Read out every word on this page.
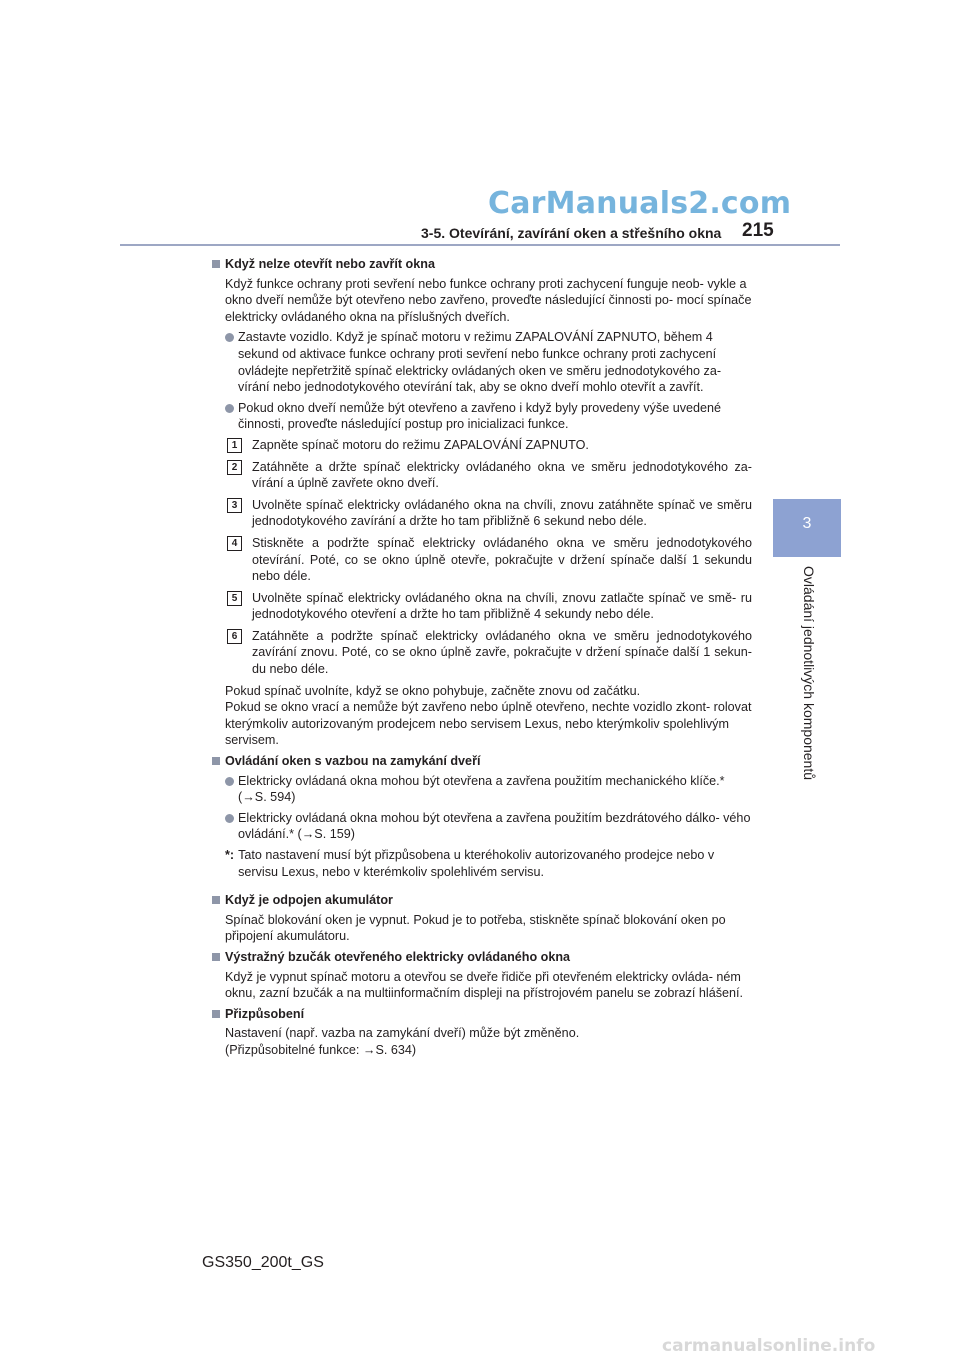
CarManuals2.com
3-5. Otevírání, zavírání oken a střešního okna 215
3
Ovládání jednotlivých komponentů
Když nelze otevřít nebo zavřít okna
Když funkce ochrany proti sevření nebo funkce ochrany proti zachycení funguje neob- vykle a okno dveří nemůže být otevřeno nebo zavřeno, proveďte následující činnosti po- mocí spínače elektricky ovládaného okna na příslušných dveřích.
Zastavte vozidlo. Když je spínač motoru v režimu ZAPALOVÁNÍ ZAPNUTO, během 4 sekund od aktivace funkce ochrany proti sevření nebo funkce ochrany proti zachycení ovládejte nepřetržitě spínač elektricky ovládaných oken ve směru jednodotykového za- vírání nebo jednodotykového otevírání tak, aby se okno dveří mohlo otevřít a zavřít.
Pokud okno dveří nemůže být otevřeno a zavřeno i když byly provedeny výše uvedené činnosti, proveďte následující postup pro inicializaci funkce.
1	Zapněte spínač motoru do režimu ZAPALOVÁNÍ ZAPNUTO.
2	Zatáhněte a držte spínač elektricky ovládaného okna ve směru jednodotykového za- vírání a úplně zavřete okno dveří.
3	Uvolněte spínač elektricky ovládaného okna na chvíli, znovu zatáhněte spínač ve směru jednodotykového zavírání a držte ho tam přibližně 6 sekund nebo déle.
4	Stiskněte a podržte spínač elektricky ovládaného okna ve směru jednodotykového otevírání. Poté, co se okno úplně otevře, pokračujte v držení spínače další 1 sekundu nebo déle.
5	Uvolněte spínač elektricky ovládaného okna na chvíli, znovu zatlačte spínač ve smě- ru jednodotykového otevření a držte ho tam přibližně 4 sekundy nebo déle.
6	Zatáhněte a podržte spínač elektricky ovládaného okna ve směru jednodotykového zavírání znovu. Poté, co se okno úplně zavře, pokračujte v držení spínače další 1 sekun- du nebo déle.
Pokud spínač uvolníte, když se okno pohybuje, začněte znovu od začátku.
Pokud se okno vrací a nemůže být zavřeno nebo úplně otevřeno, nechte vozidlo zkont- rolovat kterýmkoliv autorizovaným prodejcem nebo servisem Lexus, nebo kterýmkoliv spolehlivým servisem.
Ovládání oken s vazbou na zamykání dveří
Elektricky ovládaná okna mohou být otevřena a zavřena použitím mechanického klíče.* (→S. 594)
Elektricky ovládaná okna mohou být otevřena a zavřena použitím bezdrátového dálko- vého ovládání.* (→S. 159)
*: Tato nastavení musí být přizpůsobena u kteréhokoliv autorizovaného prodejce nebo v servisu Lexus, nebo v kterémkoliv spolehlivém servisu.
Když je odpojen akumulátor
Spínač blokování oken je vypnut. Pokud je to potřeba, stiskněte spínač blokování oken po připojení akumulátoru.
Výstražný bzučák otevřeného elektricky ovládaného okna
Když je vypnut spínač motoru a otevřou se dveře řidiče při otevřeném elektricky ovláda- ném oknu, zazní bzučák a na multiinformačním displeji na přístrojovém panelu se zobrazí hlášení.
Přizpůsobení
Nastavení (např. vazba na zamykání dveří) může být změněno.
(Přizpůsobitelné funkce: →S. 634)
GS350_200t_GS
carmanualsonline.info
